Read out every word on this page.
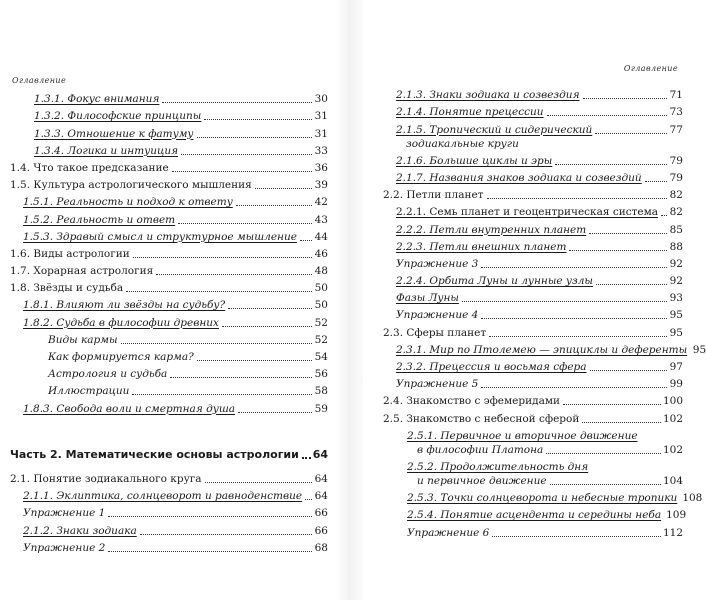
Оглавление
1.3.1. Фокус внимания	30
1.3.2. Философские принципы	31
1.3.3. Отношение к фатуму	31
1.3.4. Логика и интуиция	33
1.4. Что такое предсказание	36
1.5. Культура астрологического мышления	39
1.5.1. Реальность и подход к ответу	42
1.5.2. Реальность и ответ	43
1.5.3. Здравый смысл и структурное мышление 44
1.6. Виды астрологии	46
1.7. Хорарная астрология	48
1.8. Звёзды и судьба	50
1.8.1. Влияют ли звёзды на судьбу?	50
1.8.2. Судьба в философии древних	52
Виды кармы	52
Как формируется карма?	54
Астрология и судьба	56
Иллюстрации	58
1.8.3. Свобода воли и смертная душа	59
Часть 2. Математические основы астрологии 64
2.1. Понятие зодиакального круга	64
2.1.1. Эклиптика, солнцеворот и равноденствие 64
Упражнение 1	66
2.1.2. Знаки зодиака	66
Упражнение 2	68
Оглавление
2.1.3. Знаки зодиака и созвездия	71
2.1.4. Понятие прецессии	73
2.1.5. Тропический и сидерический	77
зодиакальные круги
2.1.6. Большие циклы и эры	79
2.1.7. Названия знаков зодиака и созвездий	79
2.2. Петли планет	82
2.2.1. Семь планет и геоцентрическая система 82
2.2.2. Петли внутренних планет	85
2.2.3. Петли внешних планет	88
Упражнение 3	92
2.2.4. Орбита Луны и лунные узлы	92
Фазы Луны	93
Упражнение 4	95
2.3. Сферы планет	95
2.3.1. Мир по Птолемею — эпициклы и деференты 95
2.3.2. Прецессия и восьмая сфера	97
Упражнение 5	99
2.4. Знакомство с эфемеридами	100
2.5. Знакомство с небесной сферой	102
2.5.1. Первичное и вторичное движение
в философии Платона	102
2.5.2. Продолжительность дня
и первичное движение	104
2.5.3. Точки солнцеворота и небесные тропики 108
2.5.4. Понятие асцендента и середины неба 109
Упражнение 6	112
